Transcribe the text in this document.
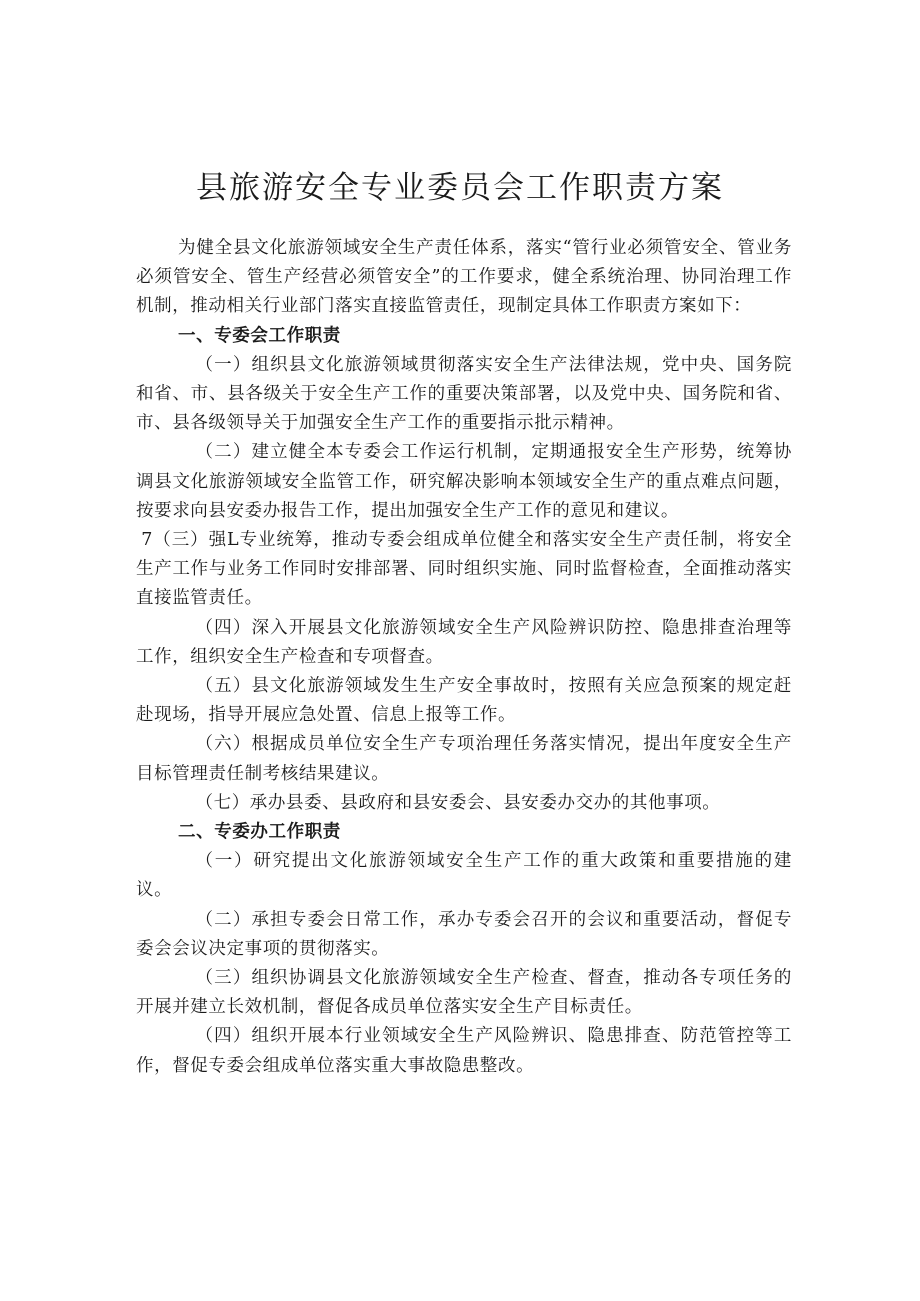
县旅游安全专业委员会工作职责方案

为健全县文化旅游领域安全生产责任体系，落实“管行业必须管安全、管业务必须管安全、管生产经营必须管安全”的工作要求，健全系统治理、协同治理工作机制，推动相关行业部门落实直接监管责任，现制定具体工作职责方案如下：

一、专委会工作职责

（一）组织县文化旅游领域贯彻落实安全生产法律法规，党中央、国务院和省、市、县各级关于安全生产工作的重要决策部署，以及党中央、国务院和省、市、县各级领导关于加强安全生产工作的重要指示批示精神。

（二）建立健全本专委会工作运行机制，定期通报安全生产形势，统筹协调县文化旅游领域安全监管工作，研究解决影响本领域安全生产的重点难点问题，按要求向县安委办报告工作，提出加强安全生产工作的意见和建议。

7（三）强L专业统筹，推动专委会组成单位健全和落实安全生产责任制，将安全生产工作与业务工作同时安排部署、同时组织实施、同时监督检查，全面推动落实直接监管责任。

（四）深入开展县文化旅游领域安全生产风险辨识防控、隐患排查治理等工作，组织安全生产检查和专项督查。

（五）县文化旅游领域发生生产安全事故时，按照有关应急预案的规定赶赴现场，指导开展应急处置、信息上报等工作。

（六）根据成员单位安全生产专项治理任务落实情况，提出年度安全生产目标管理责任制考核结果建议。

（七）承办县委、县政府和县安委会、县安委办交办的其他事项。

二、专委办工作职责

（一）研究提出文化旅游领域安全生产工作的重大政策和重要措施的建议。

（二）承担专委会日常工作，承办专委会召开的会议和重要活动，督促专委会会议决定事项的贯彻落实。

（三）组织协调县文化旅游领域安全生产检查、督查，推动各专项任务的开展并建立长效机制，督促各成员单位落实安全生产目标责任。

（四）组织开展本行业领域安全生产风险辨识、隐患排查、防范管控等工作，督促专委会组成单位落实重大事故隐患整改。
